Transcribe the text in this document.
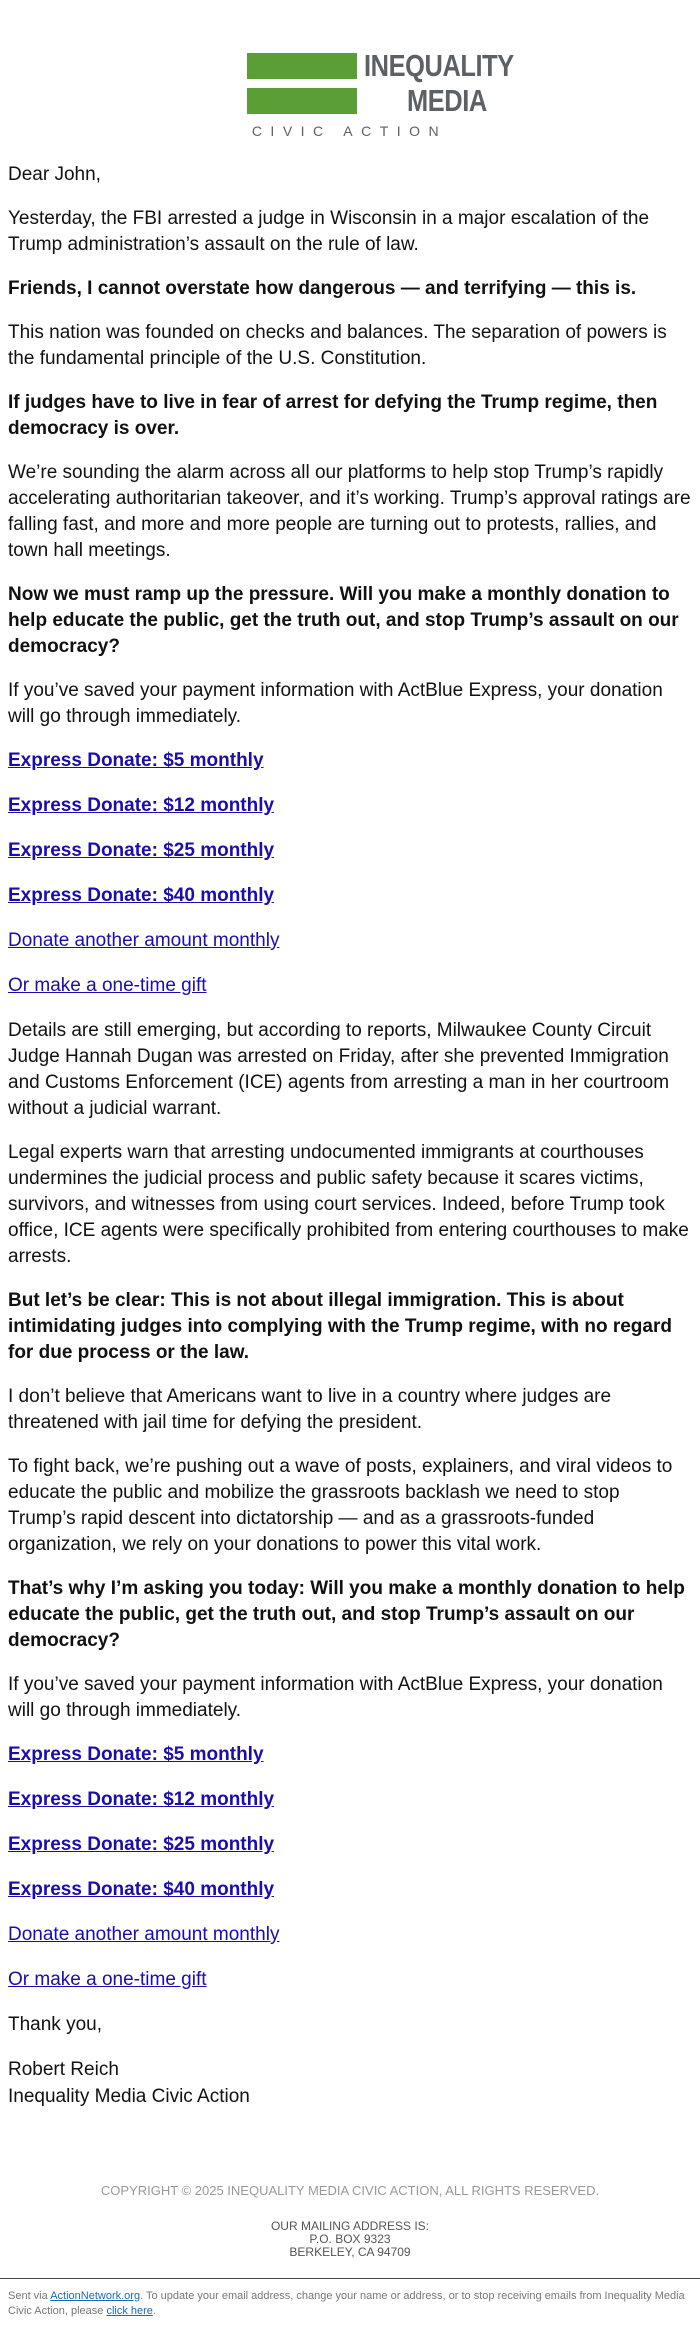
INEQUALITY
MEDIA
CIVIC ACTION

Dear John,

Yesterday, the FBI arrested a judge in Wisconsin in a major escalation of the Trump administration’s assault on the rule of law.

Friends, I cannot overstate how dangerous — and terrifying — this is.

This nation was founded on checks and balances. The separation of powers is the fundamental principle of the U.S. Constitution.

If judges have to live in fear of arrest for defying the Trump regime, then democracy is over.

We’re sounding the alarm across all our platforms to help stop Trump’s rapidly accelerating authoritarian takeover, and it’s working. Trump’s approval ratings are falling fast, and more and more people are turning out to protests, rallies, and town hall meetings.

Now we must ramp up the pressure. Will you make a monthly donation to help educate the public, get the truth out, and stop Trump’s assault on our democracy?

If you’ve saved your payment information with ActBlue Express, your donation will go through immediately.

Express Donate: $5 monthly
Express Donate: $12 monthly
Express Donate: $25 monthly
Express Donate: $40 monthly
Donate another amount monthly
Or make a one-time gift

Details are still emerging, but according to reports, Milwaukee County Circuit Judge Hannah Dugan was arrested on Friday, after she prevented Immigration and Customs Enforcement (ICE) agents from arresting a man in her courtroom without a judicial warrant.

Legal experts warn that arresting undocumented immigrants at courthouses undermines the judicial process and public safety because it scares victims, survivors, and witnesses from using court services. Indeed, before Trump took office, ICE agents were specifically prohibited from entering courthouses to make arrests.

But let’s be clear: This is not about illegal immigration. This is about intimidating judges into complying with the Trump regime, with no regard for due process or the law.

I don’t believe that Americans want to live in a country where judges are threatened with jail time for defying the president.

To fight back, we’re pushing out a wave of posts, explainers, and viral videos to educate the public and mobilize the grassroots backlash we need to stop Trump’s rapid descent into dictatorship — and as a grassroots-funded organization, we rely on your donations to power this vital work.

That’s why I’m asking you today: Will you make a monthly donation to help educate the public, get the truth out, and stop Trump’s assault on our democracy?

If you’ve saved your payment information with ActBlue Express, your donation will go through immediately.

Express Donate: $5 monthly
Express Donate: $12 monthly
Express Donate: $25 monthly
Express Donate: $40 monthly
Donate another amount monthly
Or make a one-time gift

Thank you,

Robert Reich

Inequality Media Civic Action

COPYRIGHT © 2025 INEQUALITY MEDIA CIVIC ACTION, ALL RIGHTS RESERVED.
OUR MAILING ADDRESS IS:
P.O. BOX 9323
BERKELEY, CA 94709
Sent via ActionNetwork.org. To update your email address, change your name or address, or to stop receiving emails from Inequality Media Civic Action, please click here.
